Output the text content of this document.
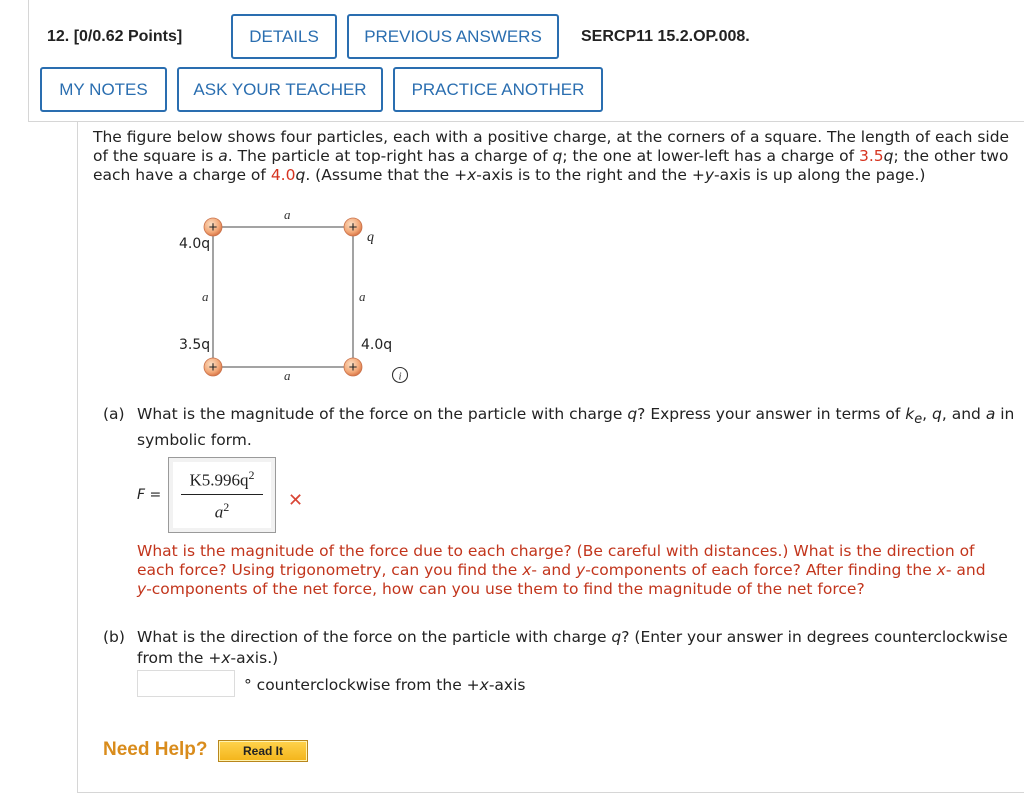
12. [0/0.62 Points]	DETAILS	PREVIOUS ANSWERS	SERCP11 15.2.OP.008.
MY NOTES	ASK YOUR TEACHER	PRACTICE ANOTHER
The figure below shows four particles, each with a positive charge, at the corners of a square. The length of each side of the square is a. The particle at top-right has a charge of q; the one at lower-left has a charge of 3.5q; the other two each have a charge of 4.0q. (Assume that the +x-axis is to the right and the +y-axis is up along the page.)
+	+
+	+
4.0q	q
3.5q	4.0q
a
a	a
a	i
(a) What is the magnitude of the force on the particle with charge q? Express your answer in terms of $k_e$, q, and a in symbolic form.
F =
$K5.996q^2$
$a^2$	✕
What is the magnitude of the force due to each charge? (Be careful with distances.) What is the direction of each force? Using trigonometry, can you find the x- and y-components of each force? After finding the x- and y-components of the net force, how can you use them to find the magnitude of the net force?
(b) What is the direction of the force on the particle with charge q? (Enter your answer in degrees counterclockwise from the +x-axis.)
° counterclockwise from the +x-axis
Need Help?	Read It
